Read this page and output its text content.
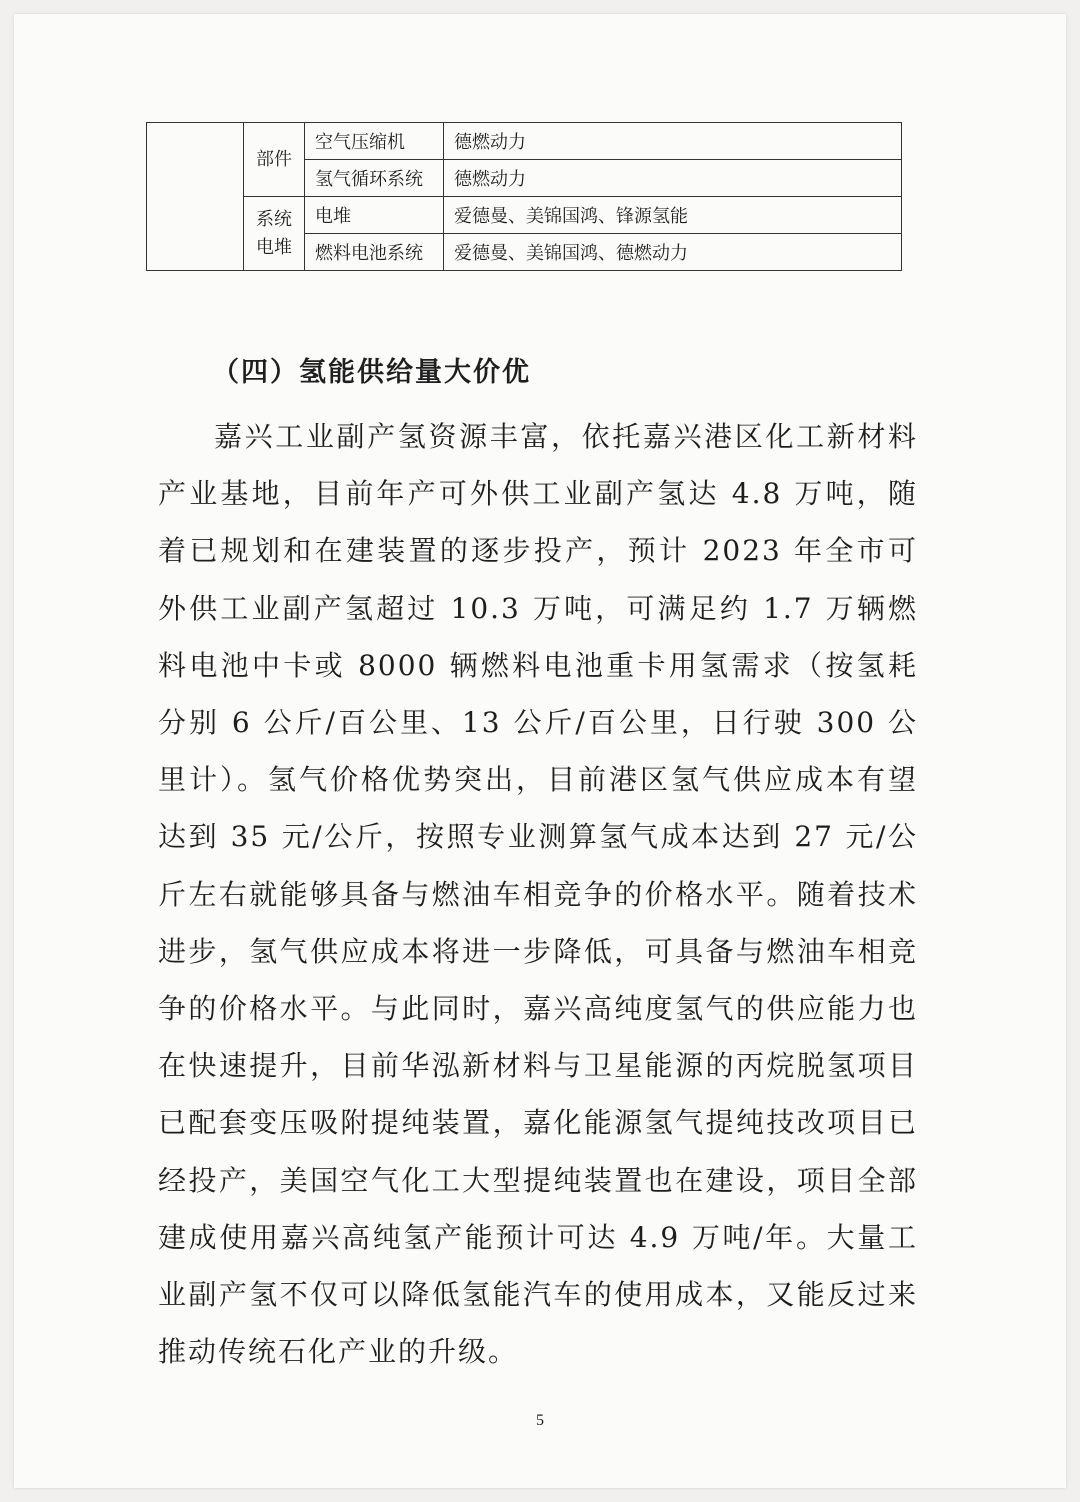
	部件	空气压缩机	德燃动力
		氢气循环系统	德燃动力
	系统电堆	电堆	爱德曼、美锦国鸿、锋源氢能
		燃料电池系统	爱德曼、美锦国鸿、德燃动力
（四）氢能供给量大价优

嘉兴工业副产氢资源丰富，依托嘉兴港区化工新材料产业基地，目前年产可外供工业副产氢达 4.8 万吨，随着已规划和在建装置的逐步投产，预计 2023 年全市可外供工业副产氢超过 10.3 万吨，可满足约 1.7 万辆燃料电池中卡或 8000 辆燃料电池重卡用氢需求（按氢耗分别 6 公斤/百公里、13 公斤/百公里，日行驶 300 公里计）。氢气价格优势突出，目前港区氢气供应成本有望达到 35 元/公斤，按照专业测算氢气成本达到 27 元/公斤左右就能够具备与燃油车相竞争的价格水平。随着技术进步，氢气供应成本将进一步降低，可具备与燃油车相竞争的价格水平。与此同时，嘉兴高纯度氢气的供应能力也在快速提升，目前华泓新材料与卫星能源的丙烷脱氢项目已配套变压吸附提纯装置，嘉化能源氢气提纯技改项目已经投产，美国空气化工大型提纯装置也在建设，项目全部建成使用嘉兴高纯氢产能预计可达 4.9 万吨/年。大量工业副产氢不仅可以降低氢能汽车的使用成本，又能反过来推动传统石化产业的升级。

5
